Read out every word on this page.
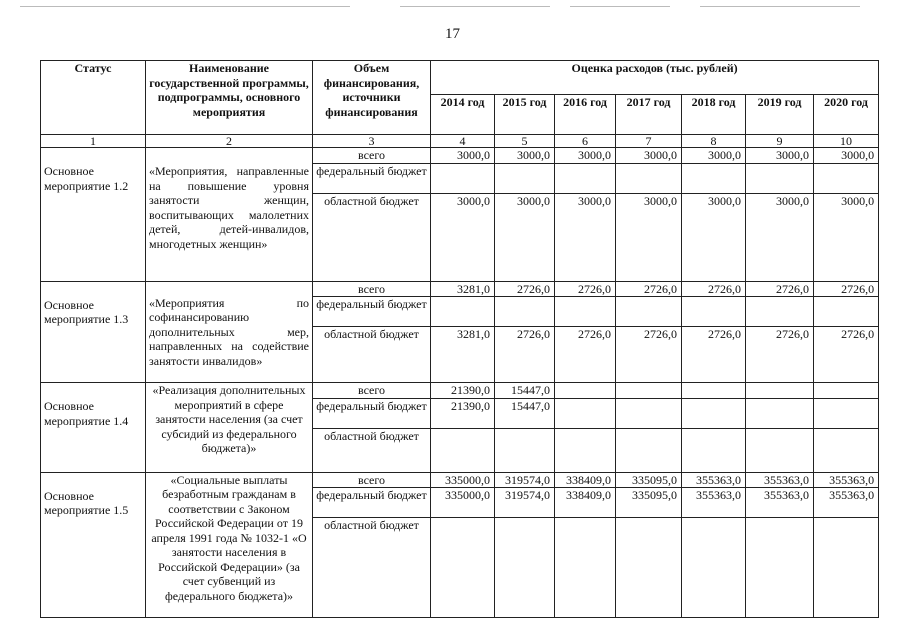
17
Статус	Наименование государственной программы, подпрограммы, основного мероприятия	Объем финансирования, источники финансирования	Оценка расходов (тыс. рублей)						
			2014 год	2015 год	2016 год	2017 год	2018 год	2019 год	2020 год
1	2	3	4	5	6	7	8	9	10
Основное мероприятие 1.2	«Мероприятия, направленные на повышение уровня занятости женщин, воспитывающих малолетних детей, детей-инвалидов, многодетных женщин»	всего	3000,0	3000,0	3000,0	3000,0	3000,0	3000,0	3000,0
		федеральный бюджет							
		областной бюджет	3000,0	3000,0	3000,0	3000,0	3000,0	3000,0	3000,0
Основное мероприятие 1.3	«Мероприятия по софинансированию дополнительных мер, направленных на содействие занятости инвалидов»	всего	3281,0	2726,0	2726,0	2726,0	2726,0	2726,0	2726,0
		федеральный бюджет							
		областной бюджет	3281,0	2726,0	2726,0	2726,0	2726,0	2726,0	2726,0
Основное мероприятие 1.4	«Реализация дополнительных мероприятий в сфере занятости населения (за счет субсидий из федерального бюджета)»	всего	21390,0	15447,0					
		федеральный бюджет	21390,0	15447,0					
		областной бюджет							
Основное мероприятие 1.5	«Социальные выплаты безработным гражданам в соответствии с Законом Российской Федерации от 19 апреля 1991 года № 1032-1 «О занятости населения в Российской Федерации» (за счет субвенций из федерального бюджета)»	всего	335000,0	319574,0	338409,0	335095,0	355363,0	355363,0	355363,0
		федеральный бюджет	335000,0	319574,0	338409,0	335095,0	355363,0	355363,0	355363,0
		областной бюджет							
